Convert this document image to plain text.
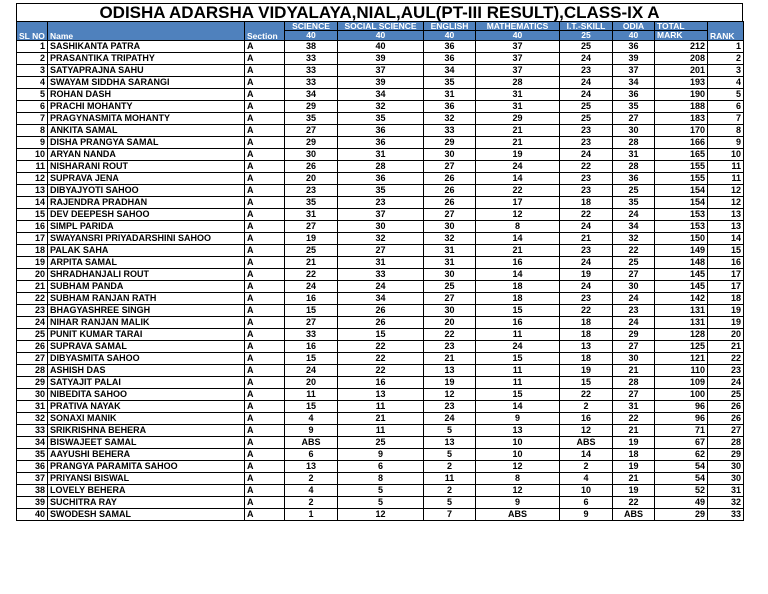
ODISHA ADARSHA VIDYALAYA,NIAL,AUL(PT-III RESULT),CLASS-IX A
SL NO	Name	Section	SCIENCE	SOCIAL SCIENCE	ENGLISH	MATHEMATICS	I.T.-SKILL	ODIA	TOTAL	RANK
			40	40	40	40	25	40	MARK	
1	SASHIKANTA PATRA	A	38	40	36	37	25	36	212	1
2	PRASANTIKA TRIPATHY	A	33	39	36	37	24	39	208	2
3	SATYAPRAJNA SAHU	A	33	37	34	37	23	37	201	3
4	SWAYAM SIDDHA SARANGI	A	33	39	35	28	24	34	193	4
5	ROHAN DASH	A	34	34	31	31	24	36	190	5
6	PRACHI MOHANTY	A	29	32	36	31	25	35	188	6
7	PRAGYNASMITA MOHANTY	A	35	35	32	29	25	27	183	7
8	ANKITA SAMAL	A	27	36	33	21	23	30	170	8
9	DISHA PRANGYA SAMAL	A	29	36	29	21	23	28	166	9
10	ARYAN NANDA	A	30	31	30	19	24	31	165	10
11	NISHARANI ROUT	A	26	28	27	24	22	28	155	11
12	SUPRAVA JENA	A	20	36	26	14	23	36	155	11
13	DIBYAJYOTI SAHOO	A	23	35	26	22	23	25	154	12
14	RAJENDRA PRADHAN	A	35	23	26	17	18	35	154	12
15	DEV DEEPESH SAHOO	A	31	37	27	12	22	24	153	13
16	SIMPL PARIDA	A	27	30	30	8	24	34	153	13
17	SWAYANSRI PRIYADARSHINI SAHOO	A	19	32	32	14	21	32	150	14
18	PALAK SAHA	A	25	27	31	21	23	22	149	15
19	ARPITA SAMAL	A	21	31	31	16	24	25	148	16
20	SHRADHANJALI ROUT	A	22	33	30	14	19	27	145	17
21	SUBHAM PANDA	A	24	24	25	18	24	30	145	17
22	SUBHAM RANJAN RATH	A	16	34	27	18	23	24	142	18
23	BHAGYASHREE SINGH	A	15	26	30	15	22	23	131	19
24	NIHAR RANJAN MALIK	A	27	26	20	16	18	24	131	19
25	PUNIT KUMAR TARAI	A	33	15	22	11	18	29	128	20
26	SUPRAVA SAMAL	A	16	22	23	24	13	27	125	21
27	DIBYASMITA SAHOO	A	15	22	21	15	18	30	121	22
28	ASHISH DAS	A	24	22	13	11	19	21	110	23
29	SATYAJIT PALAI	A	20	16	19	11	15	28	109	24
30	NIBEDITA SAHOO	A	11	13	12	15	22	27	100	25
31	PRATIVA NAYAK	A	15	11	23	14	2	31	96	26
32	SONAXI MANIK	A	4	21	24	9	16	22	96	26
33	SRIKRISHNA BEHERA	A	9	11	5	13	12	21	71	27
34	BISWAJEET SAMAL	A	ABS	25	13	10	ABS	19	67	28
35	AAYUSHI BEHERA	A	6	9	5	10	14	18	62	29
36	PRANGYA PARAMITA SAHOO	A	13	6	2	12	2	19	54	30
37	PRIYANSI BISWAL	A	2	8	11	8	4	21	54	30
38	LOVELY BEHERA	A	4	5	2	12	10	19	52	31
39	SUCHITRA RAY	A	2	5	5	9	6	22	49	32
40	SWODESH SAMAL	A	1	12	7	ABS	9	ABS	29	33
